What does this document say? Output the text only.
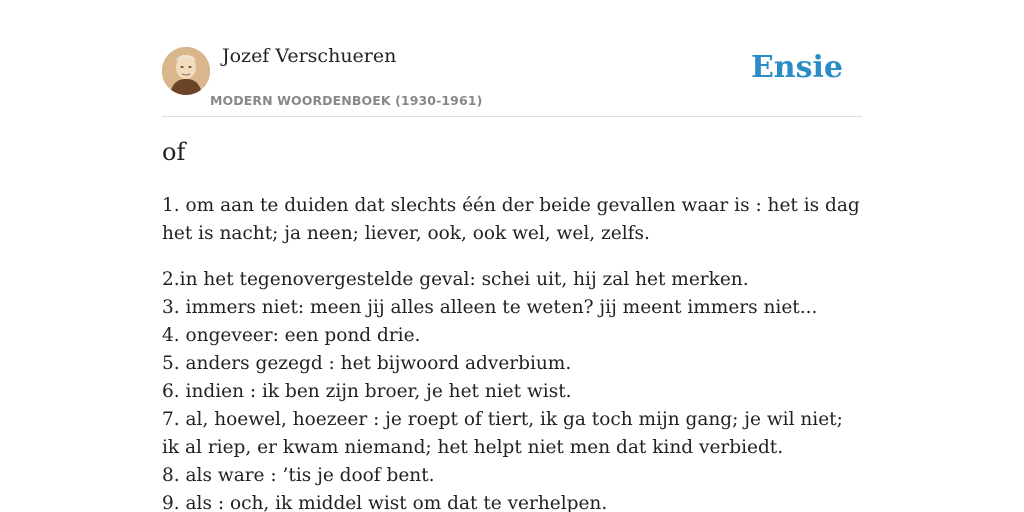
Jozef Verschueren
MODERN WOORDENBOEK (1930-1961)
Ensie
of

1. om aan te duiden dat slechts één der beide gevallen waar is : het is dag het is nacht; ja neen; liever, ook, ook wel, wel, zelfs.

2.in het tegenovergestelde geval: schei uit, hij zal het merken.
3. immers niet: meen jij alles alleen te weten? jij meent immers niet...
4. ongeveer: een pond drie.
5. anders gezegd : het bijwoord adverbium.
6. indien : ik ben zijn broer, je het niet wist.
7. al, hoewel, hoezeer : je roept of tiert, ik ga toch mijn gang; je wil niet; ik al riep, er kwam niemand; het helpt niet men dat kind verbiedt.
8. als ware : ’tis je doof bent.
9. als : och, ik middel wist om dat te verhelpen.
